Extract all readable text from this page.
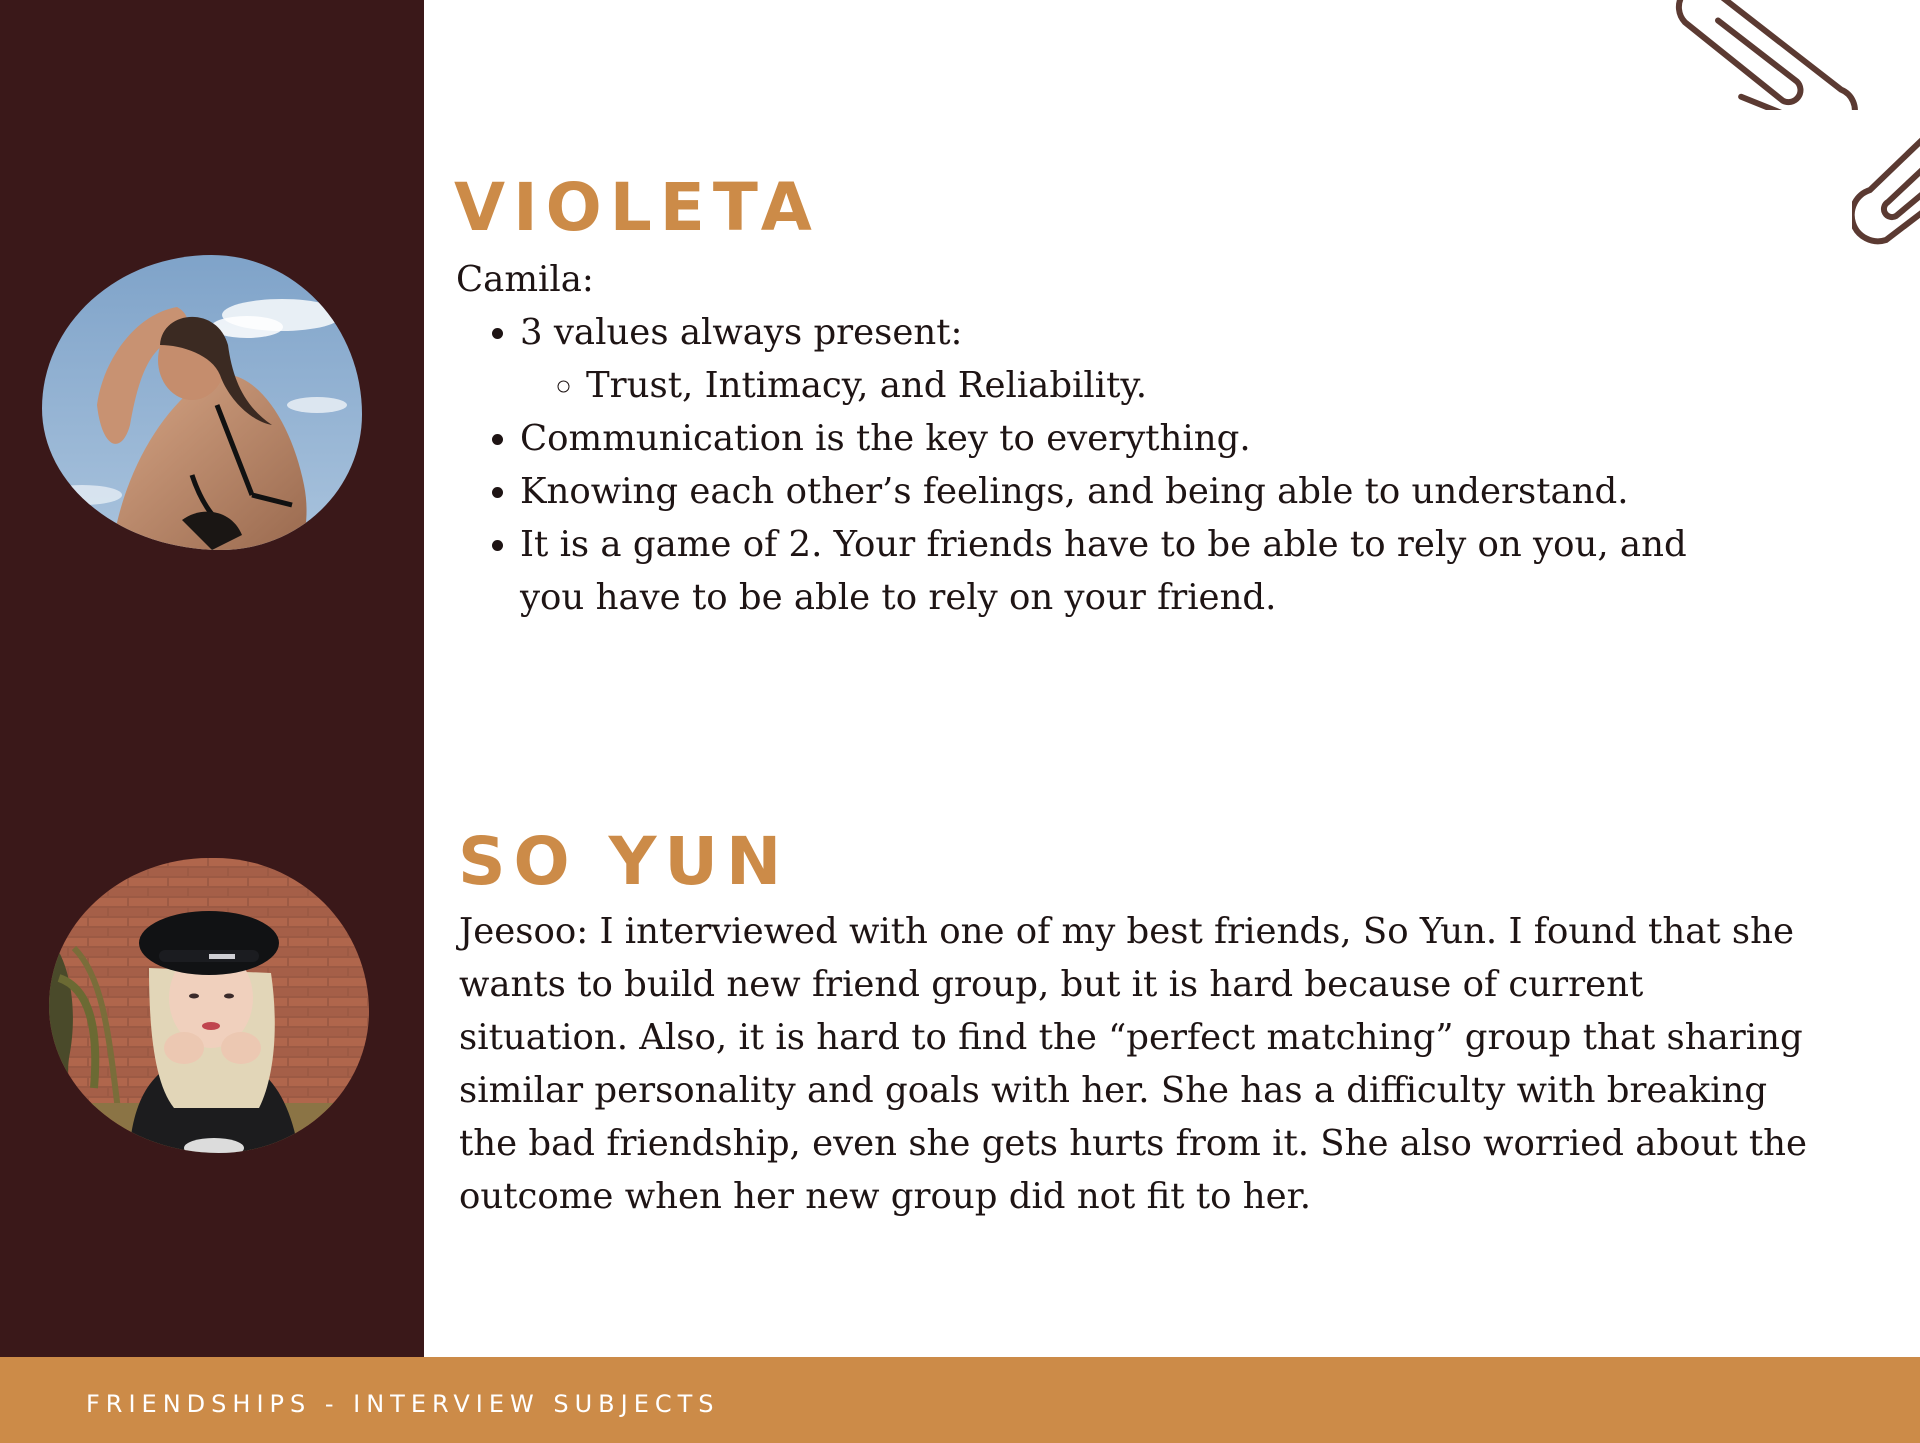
VIOLETA

Camila:

• 3 values always present:
◦ Trust, Intimacy, and Reliability.
• Communication is the key to everything.
• Knowing each other’s feelings, and being able to understand.
• It is a game of 2. Your friends have to be able to rely on you, and you have to be able to rely on your friend.
SO YUN

Jeesoo: I interviewed with one of my best friends, So Yun. I found that she wants to build new friend group, but it is hard because of current situation. Also, it is hard to find the “perfect matching” group that sharing similar personality and goals with her. She has a difficulty with breaking the bad friendship, even she gets hurts from it. She also worried about the outcome when her new group did not fit to her.

FRIENDSHIPS - INTERVIEW SUBJECTS
